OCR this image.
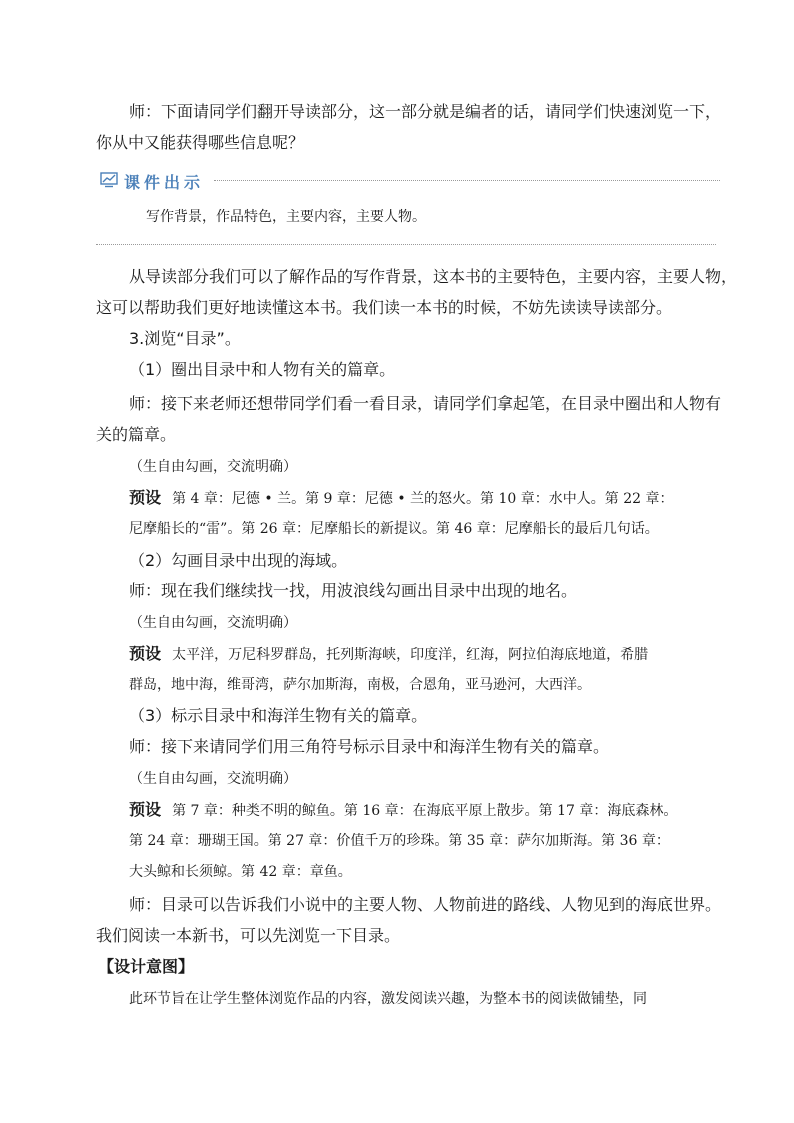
师：下面请同学们翻开导读部分，这一部分就是编者的话，请同学们快速浏览一下，
你从中又能获得哪些信息呢？
课件出示
写作背景，作品特色，主要内容，主要人物。
从导读部分我们可以了解作品的写作背景，这本书的主要特色，主要内容，主要人物，
这可以帮助我们更好地读懂这本书。我们读一本书的时候，不妨先读读导读部分。
3.浏览“目录”。
（1）圈出目录中和人物有关的篇章。
师：接下来老师还想带同学们看一看目录，请同学们拿起笔，在目录中圈出和人物有
关的篇章。
（生自由勾画，交流明确）
预设 第 4 章：尼德 • 兰。第 9 章：尼德 • 兰的怒火。第 10 章：水中人。第 22 章：
尼摩船长的“雷”。第 26 章：尼摩船长的新提议。第 46 章：尼摩船长的最后几句话。
（2）勾画目录中出现的海域。
师：现在我们继续找一找，用波浪线勾画出目录中出现的地名。
（生自由勾画，交流明确）
预设 太平洋，万尼科罗群岛，托列斯海峡，印度洋，红海，阿拉伯海底地道，希腊
群岛，地中海，维哥湾，萨尔加斯海，南极，合恩角，亚马逊河，大西洋。
（3）标示目录中和海洋生物有关的篇章。
师：接下来请同学们用三角符号标示目录中和海洋生物有关的篇章。
（生自由勾画，交流明确）
预设 第 7 章：种类不明的鲸鱼。第 16 章：在海底平原上散步。第 17 章：海底森林。
第 24 章：珊瑚王国。第 27 章：价值千万的珍珠。第 35 章：萨尔加斯海。第 36 章：
大头鲸和长须鲸。第 42 章：章鱼。
师：目录可以告诉我们小说中的主要人物、人物前进的路线、人物见到的海底世界。
我们阅读一本新书，可以先浏览一下目录。
【设计意图】
此环节旨在让学生整体浏览作品的内容，激发阅读兴趣，为整本书的阅读做铺垫，同
